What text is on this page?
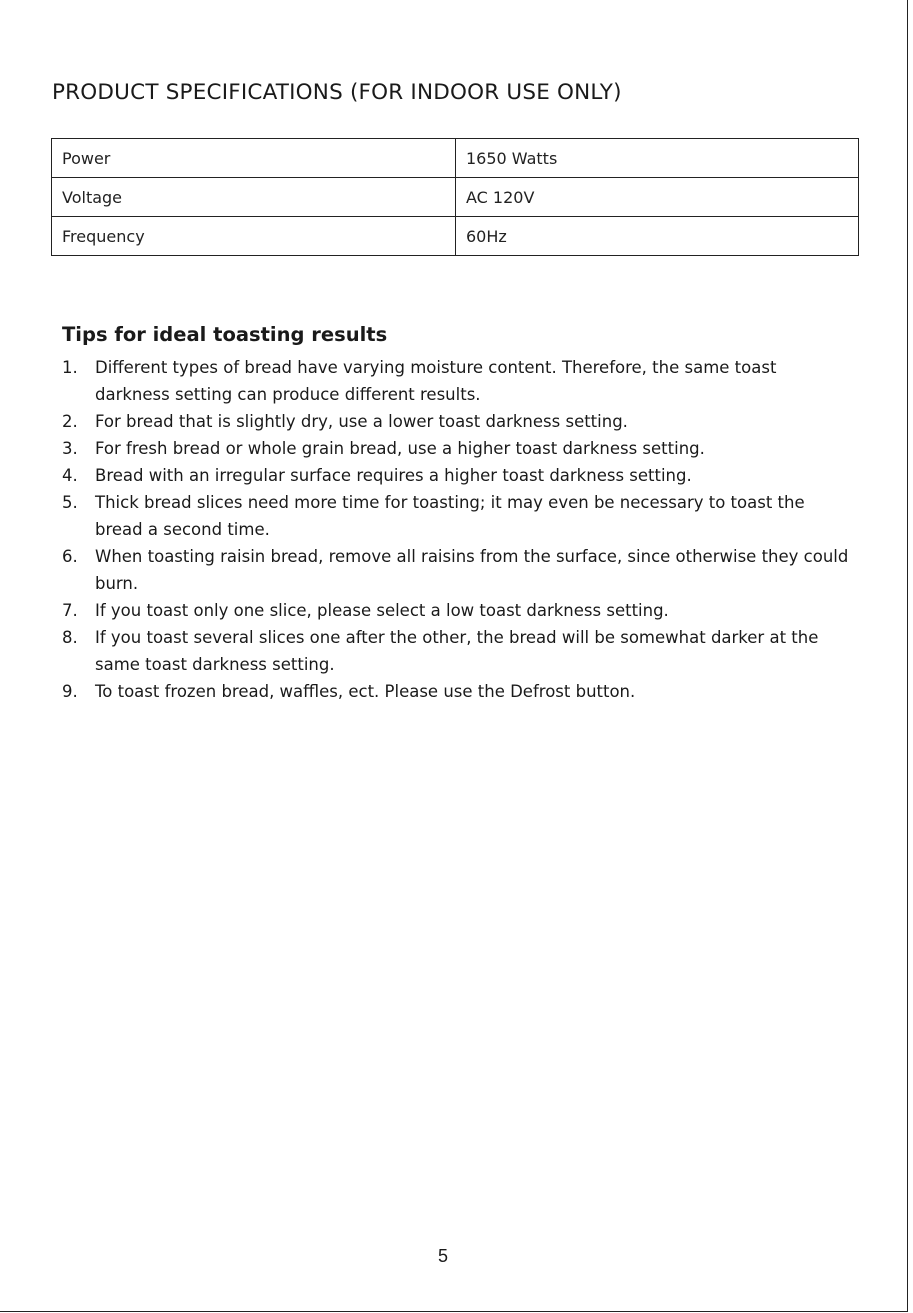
PRODUCT SPECIFICATIONS (FOR INDOOR USE ONLY)
Power	1650 Watts
Voltage	AC 120V
Frequency	60Hz
Tips for ideal toasting results
1.	Different types of bread have varying moisture content. Therefore, the same toast darkness setting can produce different results.
2.	For bread that is slightly dry, use a lower toast darkness setting.
3.	For fresh bread or whole grain bread, use a higher toast darkness setting.
4.	Bread with an irregular surface requires a higher toast darkness setting.
5.	Thick bread slices need more time for toasting; it may even be necessary to toast the bread a second time.
6.	When toasting raisin bread, remove all raisins from the surface, since otherwise they could burn.
7.	If you toast only one slice, please select a low toast darkness setting.
8.	If you toast several slices one after the other, the bread will be somewhat darker at the same toast darkness setting.
9.	To toast frozen bread, waffles, ect. Please use the Defrost button.
5
